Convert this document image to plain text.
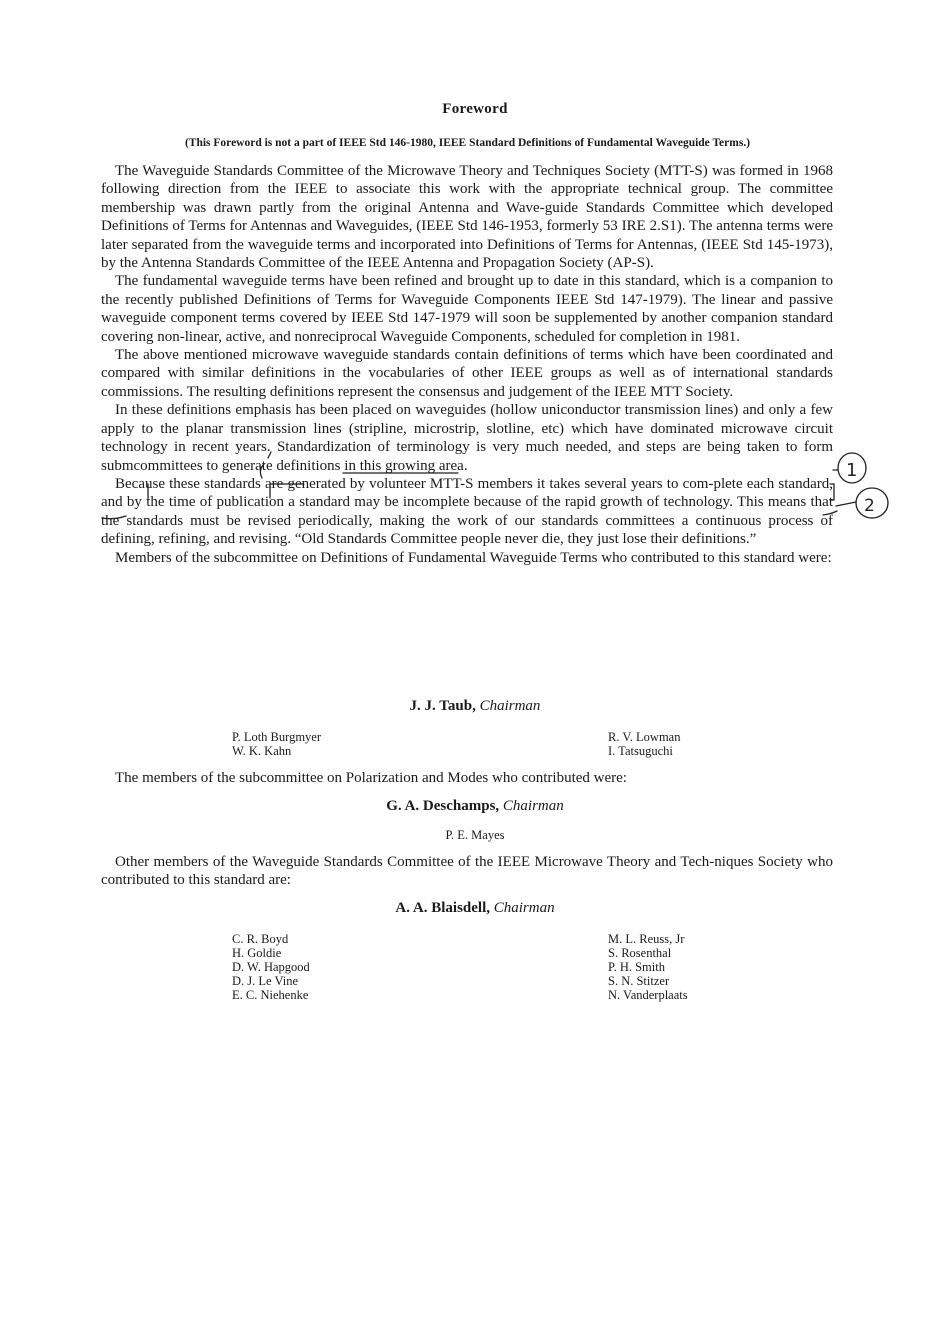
Foreword
(This Foreword is not a part of IEEE Std 146-1980, IEEE Standard Definitions of Fundamental Waveguide Terms.)

The Waveguide Standards Committee of the Microwave Theory and Techniques Society (MTT-S) was formed in 1968 following direction from the IEEE to associate this work with the appropriate technical group. The committee membership was drawn partly from the original Antenna and Wave-guide Standards Committee which developed Definitions of Terms for Antennas and Waveguides, (IEEE Std 146-1953, formerly 53 IRE 2.S1). The antenna terms were later separated from the waveguide terms and incorporated into Definitions of Terms for Antennas, (IEEE Std 145-1973), by the Antenna Standards Committee of the IEEE Antenna and Propagation Society (AP-S).

The fundamental waveguide terms have been refined and brought up to date in this standard, which is a companion to the recently published Definitions of Terms for Waveguide Components IEEE Std 147-1979). The linear and passive waveguide component terms covered by IEEE Std 147-1979 will soon be supplemented by another companion standard covering non-linear, active, and nonreciprocal Waveguide Components, scheduled for completion in 1981.

The above mentioned microwave waveguide standards contain definitions of terms which have been coordinated and compared with similar definitions in the vocabularies of other IEEE groups as well as of international standards commissions. The resulting definitions represent the consensus and judgement of the IEEE MTT Society.

In these definitions emphasis has been placed on waveguides (hollow uniconductor transmission lines) and only a few apply to the planar transmission lines (stripline, microstrip, slotline, etc) which have dominated microwave circuit technology in recent years. Standardization of terminology is very much needed, and steps are being taken to form submcommittees to generate definitions in this growing area.

Because these standards are generated by volunteer MTT-S members it takes several years to com-plete each standard, and by the time of publication a standard may be incomplete because of the rapid growth of technology. This means that the standards must be revised periodically, making the work of our standards committees a continuous process of defining, refining, and revising. “Old Standards Committee people never die, they just lose their definitions.”

Members of the subcommittee on Definitions of Fundamental Waveguide Terms who contributed to this standard were:

J. J. Taub, Chairman
P. Loth Burgmyer
W. K. Kahn
R. V. Lowman
I. Tatsuguchi

The members of the subcommittee on Polarization and Modes who contributed were:

G. A. Deschamps, Chairman
P. E. Mayes

Other members of the Waveguide Standards Committee of the IEEE Microwave Theory and Tech-niques Society who contributed to this standard are:

A. A. Blaisdell, Chairman
C. R. Boyd
H. Goldie
D. W. Hapgood
D. J. Le Vine
E. C. Niehenke
M. L. Reuss, Jr
S. Rosenthal
P. H. Smith
S. N. Stitzer
N. Vanderplaats
1
2
